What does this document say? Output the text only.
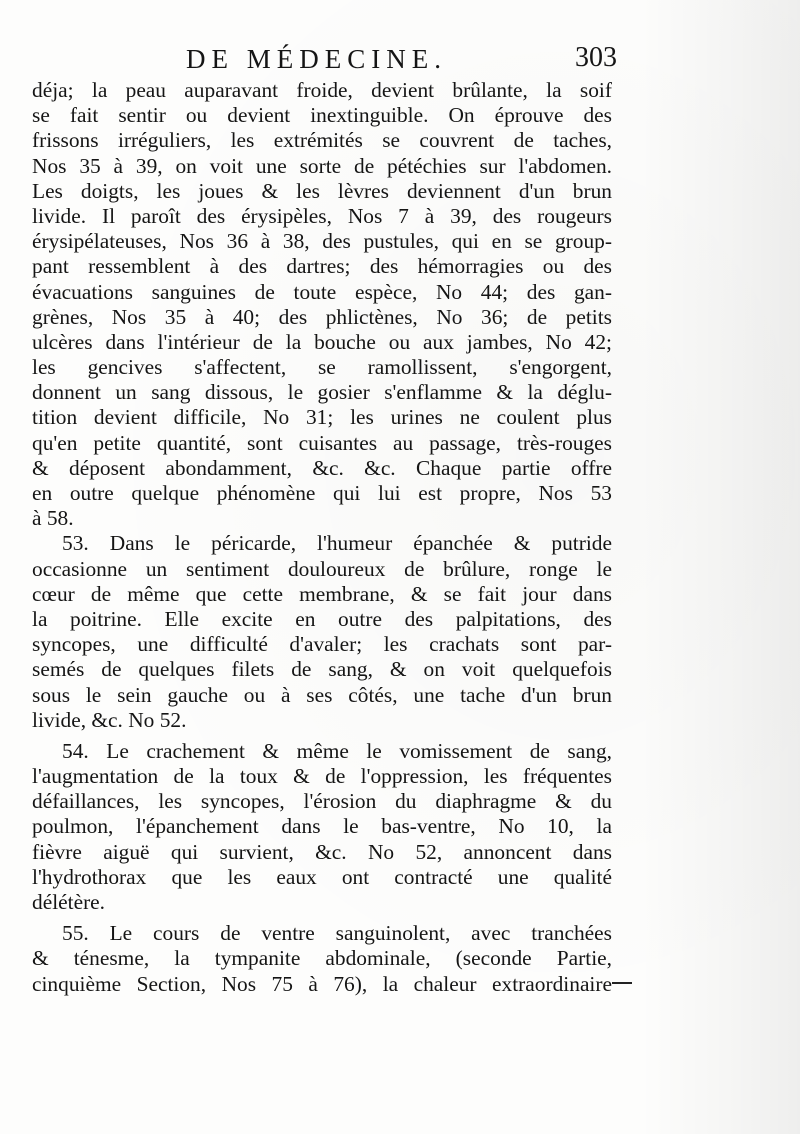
DE MÉDECINE.	303
déja; la peau auparavant froide, devient brûlante, la soif
se fait sentir ou devient inextinguible. On éprouve des
frissons irréguliers, les extrémités se couvrent de taches,
Nos 35 à 39, on voit une sorte de pétéchies sur l'abdomen.
Les doigts, les joues & les lèvres deviennent d'un brun
livide. Il paroît des érysipèles, Nos 7 à 39, des rougeurs
érysipélateuses, Nos 36 à 38, des pustules, qui en se group-
pant ressemblent à des dartres; des hémorragies ou des
évacuations sanguines de toute espèce, No 44; des gan-
grènes, Nos 35 à 40; des phlictènes, No 36; de petits
ulcères dans l'intérieur de la bouche ou aux jambes, No 42;
les gencives s'affectent, se ramollissent, s'engorgent,
donnent un sang dissous, le gosier s'enflamme & la déglu-
tition devient difficile, No 31; les urines ne coulent plus
qu'en petite quantité, sont cuisantes au passage, très-rouges
& déposent abondamment, &c. &c. Chaque partie offre
en outre quelque phénomène qui lui est propre, Nos 53
à 58.
53. Dans le péricarde, l'humeur épanchée & putride
occasionne un sentiment douloureux de brûlure, ronge le
cœur de même que cette membrane, & se fait jour dans
la poitrine. Elle excite en outre des palpitations, des
syncopes, une difficulté d'avaler; les crachats sont par-
semés de quelques filets de sang, & on voit quelquefois
sous le sein gauche ou à ses côtés, une tache d'un brun
livide, &c. No 52.
54. Le crachement & même le vomissement de sang,
l'augmentation de la toux & de l'oppression, les fréquentes
défaillances, les syncopes, l'érosion du diaphragme & du
poulmon, l'épanchement dans le bas-ventre, No 10, la
fièvre aiguë qui survient, &c. No 52, annoncent dans
l'hydrothorax que les eaux ont contracté une qualité
délétère.
55. Le cours de ventre sanguinolent, avec tranchées
& ténesme, la tympanite abdominale, (seconde Partie,
cinquième Section, Nos 75 à 76), la chaleur extraordinaire
